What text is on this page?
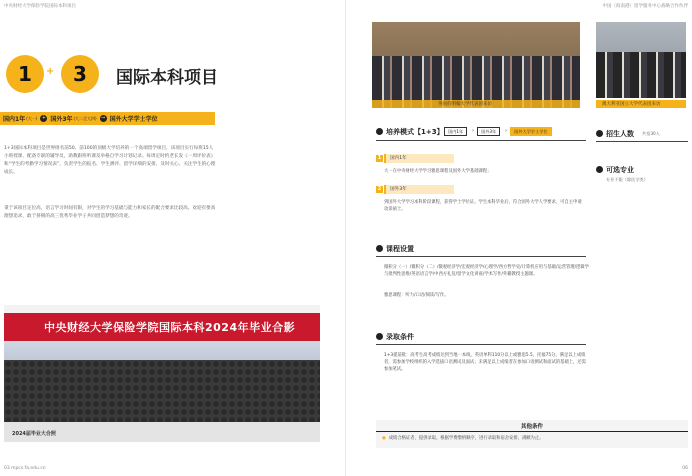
中央财经大学保险学院国际本科项目
1	+ 3	国际本科项目
国内1年 (大一) + 国外3年 (大二至大四) → 国外大学学士学位
1+3国际本科项目是世界排名前50、前100的顶级大学培养的一个高端留学项目，该项目实行每班15人小班授课，配备专职的辅导员，助教跟班听课及举格自学习计划记录。每周定时约老长发《一周评价表》和“学生的考勤学习情况表”，负责学生的报名、学生测评、留学详细的安排，及时关心、关注学生的心理成长。
秉于该项目定位高，语言学习时间有限，对学生的学习基础与能力和家长的配合要求比较高。欢迎有要高理想追求，敢于挤拥的高三优秀毕业学子共同创造梦想的奇迹。
中央财经大学保险学院国际本科2024年毕业合影
2024届毕业大合照
03 mpcs.fa.edu.cn
中国（海南港）留学服务中心战略合作伙伴
英国伯明翰大学代表团来访	澳大利亚国立大学代表团来访
培养模式【1+3】	国内1年	›	国外3年	›	国外大学学士学位
1	国内1年
大一在中央财经大学学习雅思课程及国外大学基础课程；
2	国外3年
到国外大学学习本科阶段课程，获得学士学位证。学生本科毕业后，符合国外大学人学要求，可自主申请攻读硕士。
招生人数 共招30人
可选专业
专业不限（除医学类）
课程设置
微积分（一）/微积分（二）/微观经济学/宏观经济学/心理学/西方哲学史/计算机应用与基础/运营管理/逻辑学与批判性思维/英语语言学/中西方礼仪/留学文化讲座/学术写作/外籍教授主题课。
雅思课程：听力/口语/阅读/写作。
录取条件
1+3提前批：高考生高考成绩达到当地一本线，英语单科110分以上或雅思5.5、托福75分。满足以上成绩者，需参加学校组织的入学选拔口语测试及面试；未满足以上成绩者在参加口语测试和面试的基础上，还需参加笔试。
其他条件
● 成绩合格证者，提供录取。根据学费缴纳顺序，进行录取和宿舍安排，满额为止。
06
